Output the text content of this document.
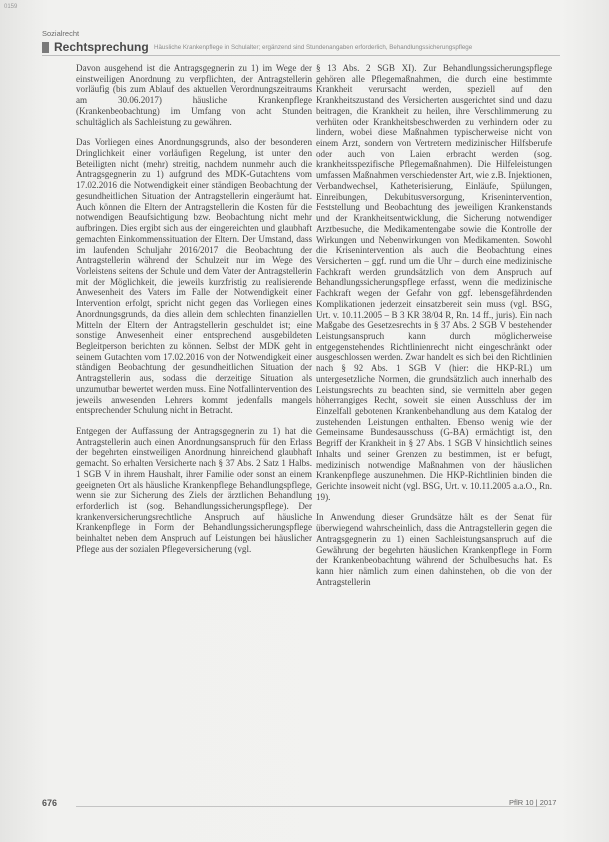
0159
Sozialrecht
Rechtsprechung Häusliche Krankenpflege in Schulalter; ergänzend sind Stundenangaben erforderlich, Behandlungssicherungspflege

Davon ausgehend ist die Antragsgegnerin zu 1) im Wege der einstweiligen Anordnung zu verpflichten, der Antragstellerin vorläufig (bis zum Ablauf des aktuellen Verordnungszeitraums am 30.06.2017) häusliche Krankenpflege (Krankenbeobachtung) im Umfang von acht Stunden schultäglich als Sachleistung zu gewähren.

Das Vorliegen eines Anordnungsgrunds, also der besonderen Dringlichkeit einer vorläufigen Regelung, ist unter den Beteiligten nicht (mehr) streitig, nachdem nunmehr auch die Antragsgegnerin zu 1) aufgrund des MDK-Gutachtens vom 17.02.2016 die Notwendigkeit einer ständigen Beobachtung der gesundheitlichen Situation der Antragstellerin eingeräumt hat. Auch können die Eltern der Antragstellerin die Kosten für die notwendigen Beaufsichtigung bzw. Beobachtung nicht mehr aufbringen. Dies ergibt sich aus der eingereichten und glaubhaft gemachten Einkommenssituation der Eltern. Der Umstand, dass im laufenden Schuljahr 2016/2017 die Beobachtung der Antragstellerin während der Schulzeit nur im Wege des Vorleistens seitens der Schule und dem Vater der Antragstellerin mit der Möglichkeit, die jeweils kurzfristig zu realisierende Anwesenheit des Vaters im Falle der Notwendigkeit einer Intervention erfolgt, spricht nicht gegen das Vorliegen eines Anordnungsgrunds, da dies allein dem schlechten finanziellen Mitteln der Eltern der Antragstellerin geschuldet ist; eine sonstige Anwesenheit einer entsprechend ausgebildeten Begleitperson berichten zu können. Selbst der MDK geht in seinem Gutachten vom 17.02.2016 von der Notwendigkeit einer ständigen Beobachtung der gesundheitlichen Situation der Antragstellerin aus, sodass die derzeitige Situation als unzumutbar bewertet werden muss. Eine Notfallintervention des jeweils anwesenden Lehrers kommt jedenfalls mangels entsprechender Schulung nicht in Betracht.

Entgegen der Auffassung der Antragsgegnerin zu 1) hat die Antragstellerin auch einen Anordnungsanspruch für den Erlass der begehrten einstweiligen Anordnung hinreichend glaubhaft gemacht. So erhalten Versicherte nach § 37 Abs. 2 Satz 1 Halbs. 1 SGB V in ihrem Haushalt, ihrer Familie oder sonst an einem geeigneten Ort als häusliche Krankenpflege Behandlungspflege, wenn sie zur Sicherung des Ziels der ärztlichen Behandlung erforderlich ist (sog. Behandlungssicherungspflege). Der krankenversicherungsrechtliche Anspruch auf häusliche Krankenpflege in Form der Behandlungssicherungspflege beinhaltet neben dem Anspruch auf Leistungen bei häuslicher Pflege aus der sozialen Pflegeversicherung (vgl.

§ 13 Abs. 2 SGB XI). Zur Behandlungssicherungspflege gehören alle Pflegemaßnahmen, die durch eine bestimmte Krankheit verursacht werden, speziell auf den Krankheitszustand des Versicherten ausgerichtet sind und dazu beitragen, die Krankheit zu heilen, ihre Verschlimmerung zu verhüten oder Krankheitsbeschwerden zu verhindern oder zu lindern, wobei diese Maßnahmen typischerweise nicht von einem Arzt, sondern von Vertretern medizinischer Hilfsberufe oder auch von Laien erbracht werden (sog. krankheitsspezifische Pflegemaßnahmen). Die Hilfeleistungen umfassen Maßnahmen verschiedenster Art, wie z.B. Injektionen, Verbandwechsel, Katheterisierung, Einläufe, Spülungen, Einreibungen, Dekubitusversorgung, Krisenintervention, Feststellung und Beobachtung des jeweiligen Krankenstands und der Krankheitsentwicklung, die Sicherung notwendiger Arztbesuche, die Medikamentengabe sowie die Kontrolle der Wirkungen und Nebenwirkungen von Medikamenten. Sowohl die Krisenintervention als auch die Beobachtung eines Versicherten – ggf. rund um die Uhr – durch eine medizinische Fachkraft werden grundsätzlich von dem Anspruch auf Behandlungssicherungspflege erfasst, wenn die medizinische Fachkraft wegen der Gefahr von ggf. lebensgefährdenden Komplikationen jederzeit einsatzbereit sein muss (vgl. BSG, Urt. v. 10.11.2005 – B 3 KR 38/04 R, Rn. 14 ff., juris). Ein nach Maßgabe des Gesetzesrechts in § 37 Abs. 2 SGB V bestehender Leistungsanspruch kann durch möglicherweise entgegenstehendes Richtlinienrecht nicht eingeschränkt oder ausgeschlossen werden. Zwar handelt es sich bei den Richtlinien nach § 92 Abs. 1 SGB V (hier: die HKP-RL) um untergesetzliche Normen, die grundsätzlich auch innerhalb des Leistungsrechts zu beachten sind, sie vermitteln aber gegen höherrangiges Recht, soweit sie einen Ausschluss der im Einzelfall gebotenen Krankenbehandlung aus dem Katalog der zustehenden Leistungen enthalten. Ebenso wenig wie der Gemeinsame Bundesausschuss (G-BA) ermächtigt ist, den Begriff der Krankheit in § 27 Abs. 1 SGB V hinsichtlich seines Inhalts und seiner Grenzen zu bestimmen, ist er befugt, medizinisch notwendige Maßnahmen von der häuslichen Krankenpflege auszunehmen. Die HKP-Richtlinien binden die Gerichte insoweit nicht (vgl. BSG, Urt. v. 10.11.2005 a.a.O., Rn. 19).

In Anwendung dieser Grundsätze hält es der Senat für überwiegend wahrscheinlich, dass die Antragstellerin gegen die Antragsgegnerin zu 1) einen Sachleistungsanspruch auf die Gewährung der begehrten häuslichen Krankenpflege in Form der Krankenbeobachtung während der Schulbesuchs hat. Es kann hier nämlich zum einen dahinstehen, ob die von der Antragstellerin

676	PflR 10 | 2017
